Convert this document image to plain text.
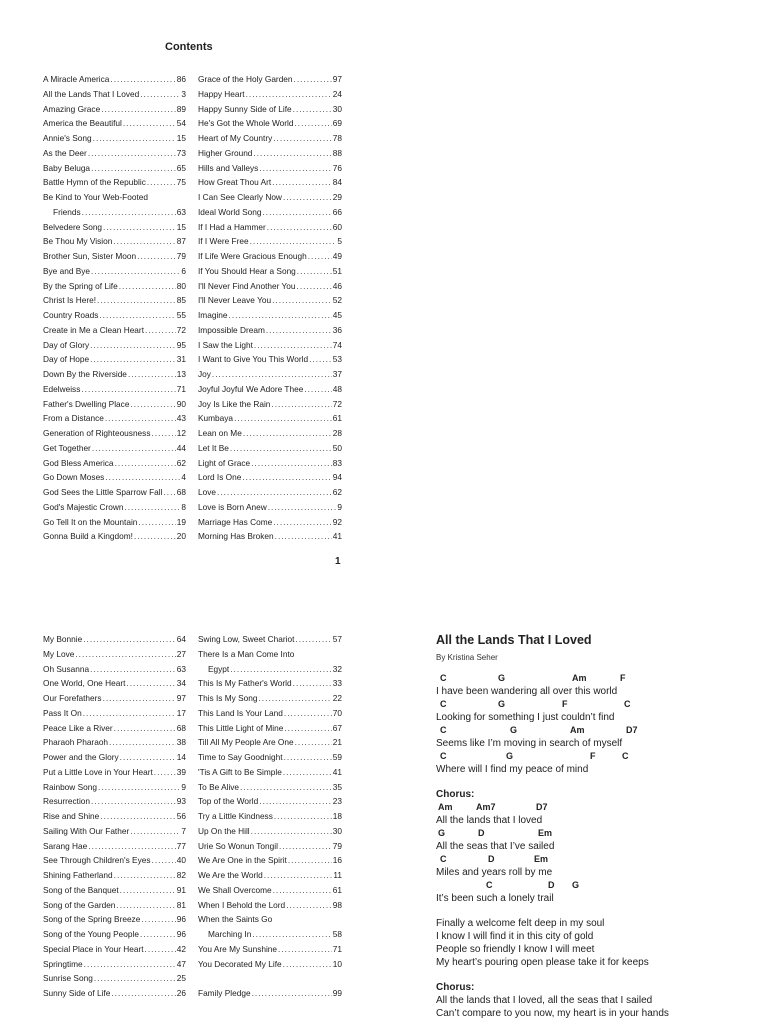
Contents
A Miracle America .....	86
All the Lands That I Loved .....	3
Amazing Grace .....	89
America the Beautiful .....	54
Annie's Song .....	15
As the Deer .....	73
Baby Beluga .....	65
Battle Hymn of the Republic .....	75
Be Kind to Your Web-Footed
Friends .....	63
Belvedere Song .....	15
Be Thou My Vision .....	87
Brother Sun, Sister Moon .....	79
Bye and Bye .....	6
By the Spring of Life .....	80
Christ Is Here! .....	85
Country Roads .....	55
Create in Me a Clean Heart .....	72
Day of Glory .....	95
Day of Hope .....	31
Down By the Riverside .....	13
Edelweiss .....	71
Father's Dwelling Place .....	90
From a Distance .....	43
Generation of Righteousness .....	12
Get Together .....	44
God Bless America .....	62
Go Down Moses .....	4
God Sees the Little Sparrow Fall ..... 68
God's Majestic Crown .....	8
Go Tell It on the Mountain .....	19
Gonna Build a Kingdom! .....	20
Grace of the Holy Garden .....	97
Happy Heart .....	24
Happy Sunny Side of Life .....	30
He's Got the Whole World .....	69
Heart of My Country .....	78
Higher Ground .....	88
Hills and Valleys .....	76
How Great Thou Art .....	84
I Can See Clearly Now .....	29
Ideal World Song .....	66
If I Had a Hammer .....	60
If I Were Free .....	5
If Life Were Gracious Enough .....	49
If You Should Hear a Song .....	51
I'll Never Find Another You .....	46
I'll Never Leave You .....	52
Imagine .....	45
Impossible Dream .....	36
I Saw the Light .....	74
I Want to Give You This World .....	53
Joy .....	37
Joyful Joyful We Adore Thee .....	48
Joy Is Like the Rain .....	72
Kumbaya .....	61
Lean on Me .....	28
Let It Be .....	50
Light of Grace .....	83
Lord Is One .....	94
Love .....	62
Love is Born Anew .....	9
Marriage Has Come .....	92
Morning Has Broken .....	41
1
My Bonnie .....	64
My Love .....	27
Oh Susanna .....	63
One World, One Heart .....	34
Our Forefathers .....	97
Pass It On .....	17
Peace Like a River .....	68
Pharaoh Pharaoh .....	38
Power and the Glory .....	14
Put a Little Love in Your Heart .....	39
Rainbow Song .....	9
Resurrection .....	93
Rise and Shine .....	56
Sailing With Our Father .....	7
Sarang Hae .....	77
See Through Children's Eyes .....	40
Shining Fatherland .....	82
Song of the Banquet .....	91
Song of the Garden .....	81
Song of the Spring Breeze .....	96
Song of the Young People .....	96
Special Place in Your Heart .....	42
Springtime .....	47
Sunrise Song .....	25
Sunny Side of Life .....	26
Swing Low, Sweet Chariot .....	57
There Is a Man Come Into
Egypt .....	32
This Is My Father's World .....	33
This Is My Song .....	22
This Land Is Your Land .....	70
This Little Light of Mine .....	67
Till All My People Are One .....	21
Time to Say Goodnight .....	59
'Tis A Gift to Be Simple .....	41
To Be Alive .....	35
Top of the World .....	23
Try a Little Kindness .....	18
Up On the Hill .....	30
Urie So Wonun Tongil .....	79
We Are One in the Spirit .....	16
We Are the World .....	11
We Shall Overcome .....	61
When I Behold the Lord .....	98
When the Saints Go
Marching In .....	58
You Are My Sunshine .....	71
You Decorated My Life .....	10

Family Pledge .....	99
All the Lands That I Loved
By Kristina Seher
C	G	Am	F
I have been wandering all over this world
C	G	F	C
Looking for something I just couldn’t find
C	G	Am	D7
Seems like I’m moving in search of myself
C	G	F	C
Where will I find my peace of mind
Chorus:
Am	Am7	D7
All the lands that I loved
G	D	Em
All the seas that I’ve sailed
C	D	Em
Miles and years roll by me
C	D G
It’s been such a lonely trail
Finally a welcome felt deep in my soul
I know I will find it in this city of gold
People so friendly I know I will meet
My heart’s pouring open please take it for keeps
Chorus:
All the lands that I loved, all the seas that I sailed
Can’t compare to you now, my heart is in your hands
